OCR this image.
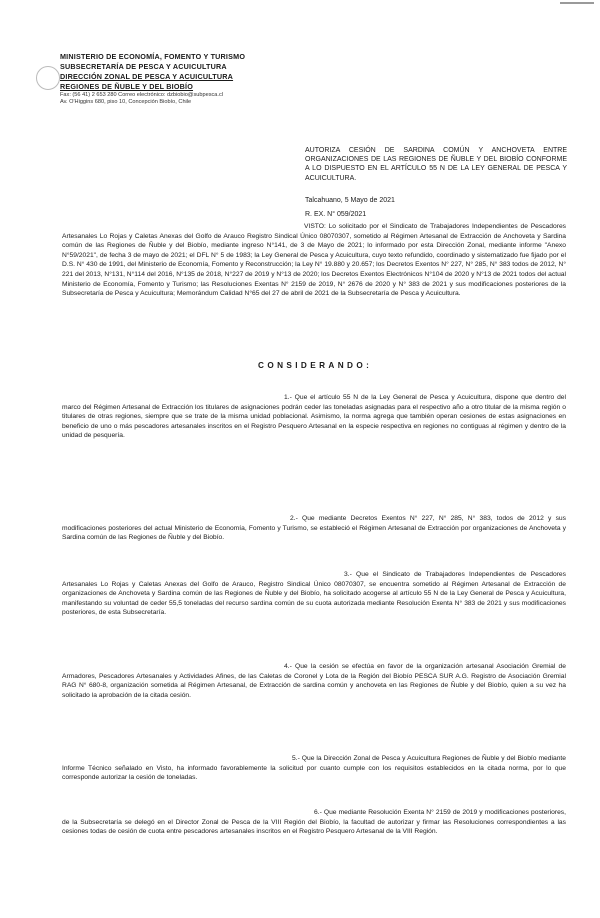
MINISTERIO DE ECONOMÍA, FOMENTO Y TURISMO
SUBSECRETARÍA DE PESCA Y ACUICULTURA
DIRECCIÓN ZONAL DE PESCA Y ACUICULTURA
REGIONES DE ÑUBLE Y DEL BIOBÍO
Fax: (56 41) 2 653 280 Correo electrónico: dzbiobio@subpesca.cl
Av. O'Higgins 680, piso 10, Concepción Biobío, Chile
AUTORIZA CESIÓN DE SARDINA COMÚN Y ANCHOVETA ENTRE ORGANIZACIONES DE LAS REGIONES DE ÑUBLE Y DEL BIOBÍO CONFORME A LO DISPUESTO EN EL ARTÍCULO 55 N DE LA LEY GENERAL DE PESCA Y ACUICULTURA.
Talcahuano, 5 Mayo de 2021
R. EX. N° 059/2021
VISTO: Lo solicitado por el Sindicato de Trabajadores Independientes de Pescadores Artesanales Lo Rojas y Caletas Anexas del Golfo de Arauco Registro Sindical Único 08070307, sometido al Régimen Artesanal de Extracción de Anchoveta y Sardina común de las Regiones de Ñuble y del Biobío, mediante ingreso N°141, de 3 de Mayo de 2021; lo informado por esta Dirección Zonal, mediante informe "Anexo N°59/2021", de fecha 3 de mayo de 2021; el DFL N° 5 de 1983; la Ley General de Pesca y Acuicultura, cuyo texto refundido, coordinado y sistematizado fue fijado por el D.S. N° 430 de 1991, del Ministerio de Economía, Fomento y Reconstrucción; la Ley N° 19.880 y 20.657; los Decretos Exentos N° 227, N° 285, N° 383 todos de 2012, N° 221 del 2013, N°131, N°114 del 2016, N°135 de 2018, N°227 de 2019 y N°13 de 2020; los Decretos Exentos Electrónicos N°104 de 2020 y N°13 de 2021 todos del actual Ministerio de Economía, Fomento y Turismo; las Resoluciones Exentas N° 2159 de 2019, N° 2676 de 2020 y N° 383 de 2021 y sus modificaciones posteriores de la Subsecretaría de Pesca y Acuicultura; Memorándum Calidad N°65 del 27 de abril de 2021 de la Subsecretaría de Pesca y Acuicultura.
CONSIDERANDO:
1.- Que el artículo 55 N de la Ley General de Pesca y Acuicultura, dispone que dentro del marco del Régimen Artesanal de Extracción los titulares de asignaciones podrán ceder las toneladas asignadas para el respectivo año a otro titular de la misma región o titulares de otras regiones, siempre que se trate de la misma unidad poblacional. Asimismo, la norma agrega que también operan cesiones de estas asignaciones en beneficio de uno o más pescadores artesanales inscritos en el Registro Pesquero Artesanal en la especie respectiva en regiones no contiguas al régimen y dentro de la unidad de pesquería.
2.- Que mediante Decretos Exentos N° 227, N° 285, N° 383, todos de 2012 y sus modificaciones posteriores del actual Ministerio de Economía, Fomento y Turismo, se estableció el Régimen Artesanal de Extracción por organizaciones de Anchoveta y Sardina común de las Regiones de Ñuble y del Biobío.
3.- Que el Sindicato de Trabajadores Independientes de Pescadores Artesanales Lo Rojas y Caletas Anexas del Golfo de Arauco, Registro Sindical Único 08070307, se encuentra sometido al Régimen Artesanal de Extracción de organizaciones de Anchoveta y Sardina común de las Regiones de Ñuble y del Biobío, ha solicitado acogerse al artículo 55 N de la Ley General de Pesca y Acuicultura, manifestando su voluntad de ceder 55,5 toneladas del recurso sardina común de su cuota autorizada mediante Resolución Exenta N° 383 de 2021 y sus modificaciones posteriores, de esta Subsecretaría.
4.- Que la cesión se efectúa en favor de la organización artesanal Asociación Gremial de Armadores, Pescadores Artesanales y Actividades Afines, de las Caletas de Coronel y Lota de la Región del Biobío PESCA SUR A.G. Registro de Asociación Gremial RAG N° 680-8, organización sometida al Régimen Artesanal, de Extracción de sardina común y anchoveta en las Regiones de Ñuble y del Biobío, quien a su vez ha solicitado la aprobación de la citada cesión.
5.- Que la Dirección Zonal de Pesca y Acuicultura Regiones de Ñuble y del Biobío mediante Informe Técnico señalado en Visto, ha informado favorablemente la solicitud por cuanto cumple con los requisitos establecidos en la citada norma, por lo que corresponde autorizar la cesión de toneladas.
6.- Que mediante Resolución Exenta N° 2159 de 2019 y modificaciones posteriores, de la Subsecretaría se delegó en el Director Zonal de Pesca de la VIII Región del Biobío, la facultad de autorizar y firmar las Resoluciones correspondientes a las cesiones todas de cesión de cuota entre pescadores artesanales inscritos en el Registro Pesquero Artesanal de la VIII Región.
